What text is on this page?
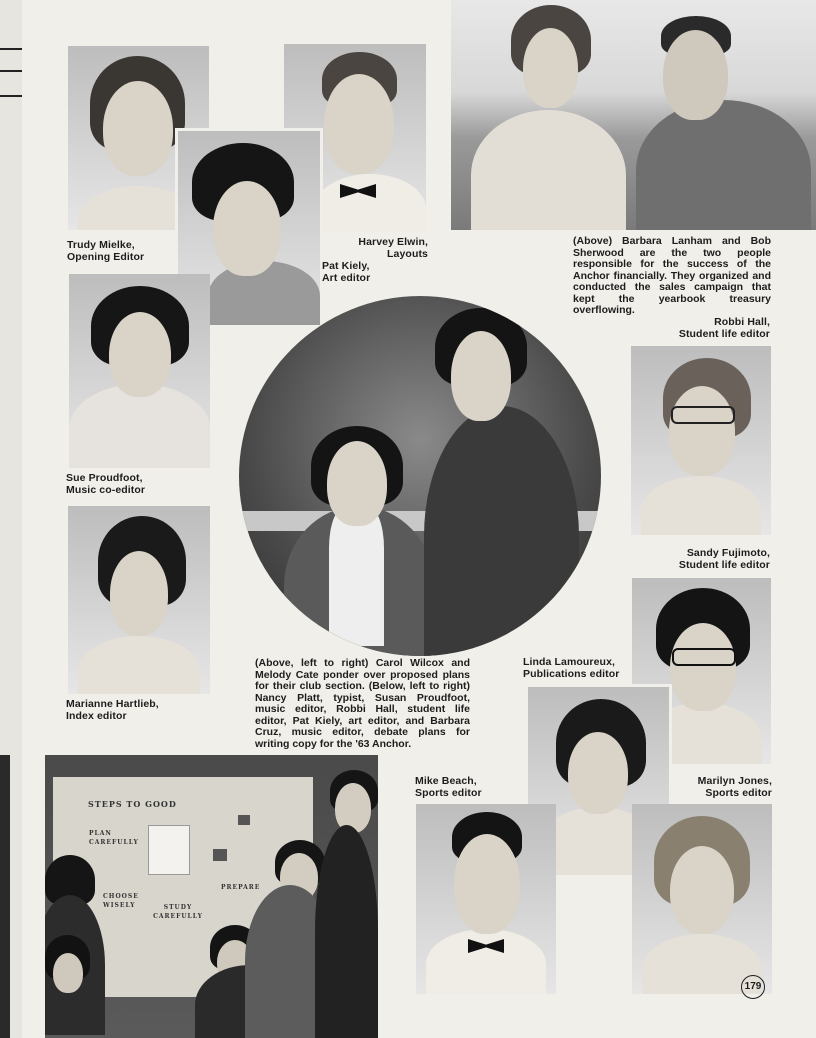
Trudy Mielke,
Opening Editor
Harvey Elwin,
Layouts
Pat Kiely,
Art editor
(Above) Barbara Lanham and Bob Sherwood are the two people responsible for the success of the Anchor financially. They organized and conducted the sales campaign that kept the yearbook treasury overflowing.
Robbi Hall,
Student life editor
Sue Proudfoot,
Music co-editor
(Above, left to right) Carol Wilcox and Melody Cate ponder over proposed plans for their club section. (Below, left to right) Nancy Platt, typist, Susan Proudfoot, music editor, Robbi Hall, student life editor, Pat Kiely, art editor, and Barbara Cruz, music editor, debate plans for writing copy for the '63 Anchor.
Sandy Fujimoto,
Student life editor
Marianne Hartlieb,
Index editor
Linda Lamoureux,
Publications editor
Marilyn Jones,
Sports editor
179
Mike Beach,
Sports editor
STEPS TO GOOD
PLAN CAREFULLY
CHOOSE WISELY	STUDY CAREFULLY
PREPARE
